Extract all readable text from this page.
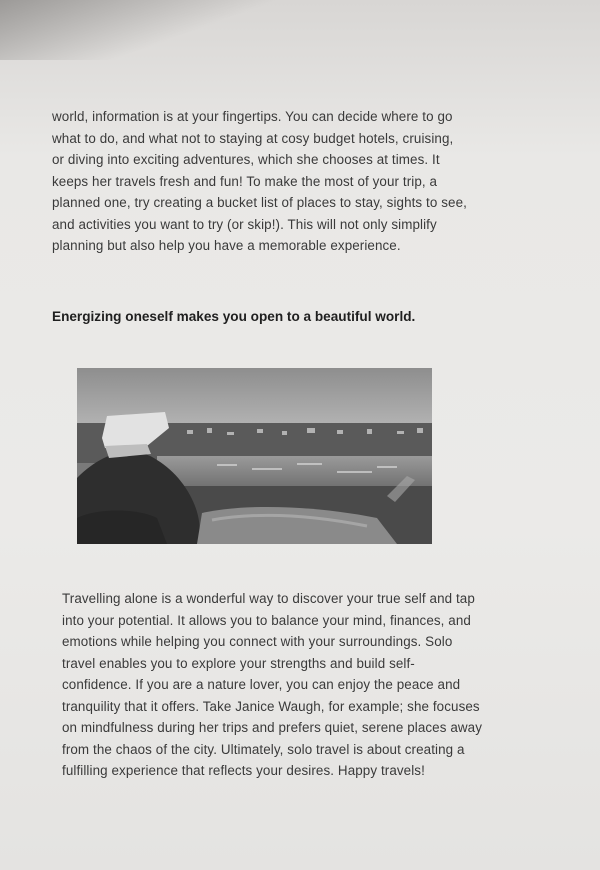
world, information is at your fingertips. You can decide where to go
what to do, and what not to staying at cosy budget hotels, cruising,
or diving into exciting adventures, which she chooses at times. It
keeps her travels fresh and fun! To make the most of your trip, a
planned one, try creating a bucket list of places to stay, sights to see,
and activities you want to try (or skip!). This will not only simplify
planning but also help you have a memorable experience.
Energizing oneself makes you open to a beautiful world.
Travelling alone is a wonderful way to discover your true self and tap
into your potential. It allows you to balance your mind, finances, and
emotions while helping you connect with your surroundings. Solo
travel enables you to explore your strengths and build self-
confidence. If you are a nature lover, you can enjoy the peace and
tranquility that it offers. Take Janice Waugh, for example; she focuses
on mindfulness during her trips and prefers quiet, serene places away
from the chaos of the city. Ultimately, solo travel is about creating a
fulfilling experience that reflects your desires. Happy travels!
